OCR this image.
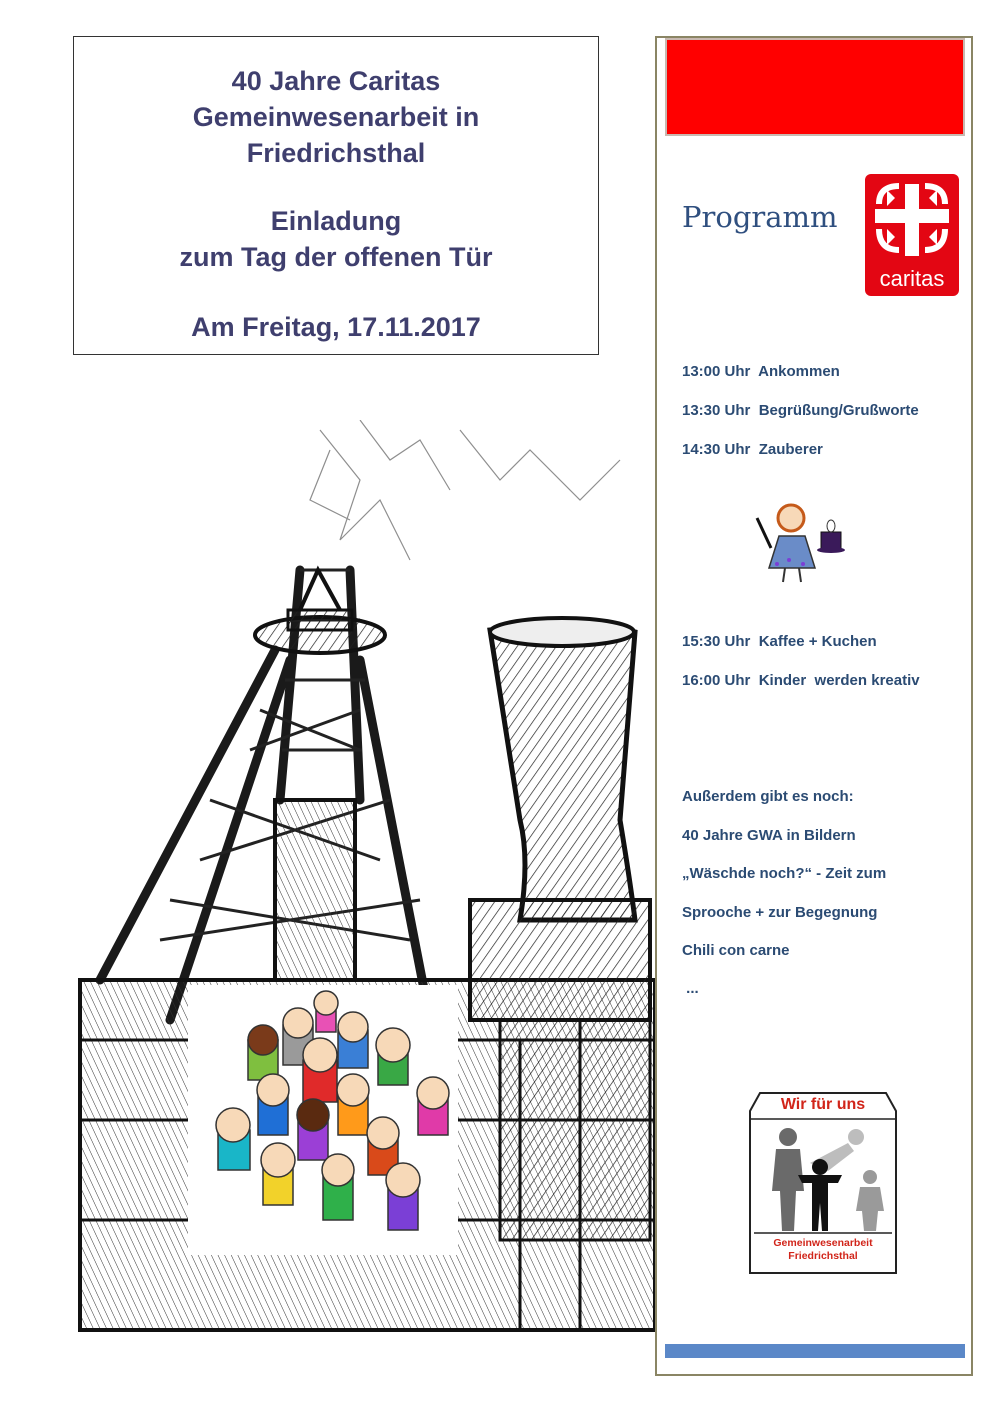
40 Jahre Caritas
Gemeinwesenarbeit in
Friedrichsthal
Einladung
zum Tag der offenen Tür
Am Freitag, 17.11.2017
Programm
caritas
13:00 Uhr  Ankommen
13:30 Uhr  Begrüßung/Grußworte
14:30 Uhr  Zauberer
15:30 Uhr  Kaffee + Kuchen
16:00 Uhr  Kinder  werden kreativ
Außerdem gibt es noch:
40 Jahre GWA in Bildern
„Wäschde noch?“ - Zeit zum
Sprooche + zur Begegnung
Chili con carne
...
Wir für uns
Gemeinwesenarbeit
Friedrichsthal
